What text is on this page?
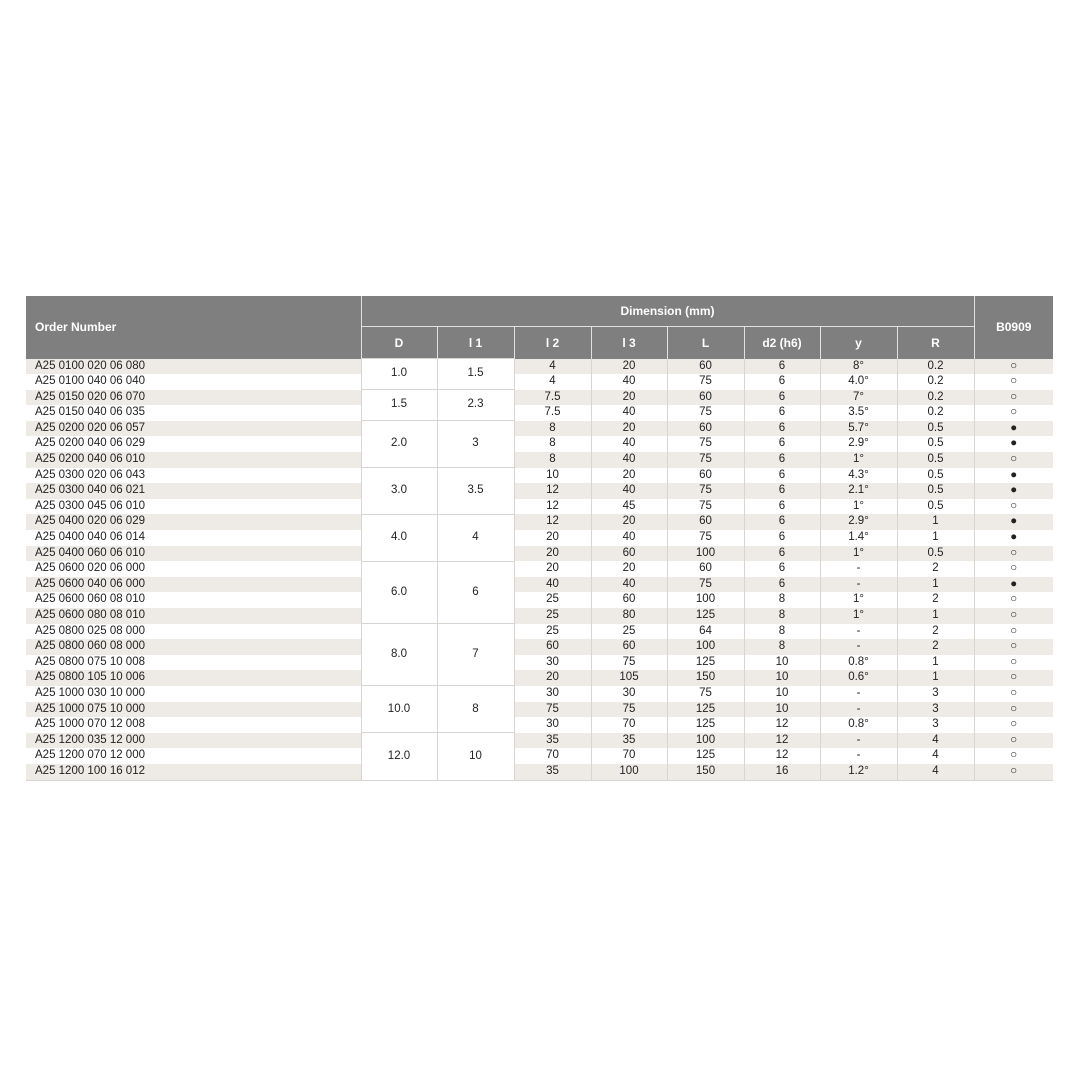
Order Number	Dimension (mm)								B0909
	D	l 1	l 2	l 3	L	d2 (h6)	y	R	
A25 0100 020 06 080	1.0	1.5	4	20	60	6	8°	0.2	○
A25 0100 040 06 040			4	40	75	6	4.0°	0.2	○
A25 0150 020 06 070	1.5	2.3	7.5	20	60	6	7°	0.2	○
A25 0150 040 06 035			7.5	40	75	6	3.5°	0.2	○
A25 0200 020 06 057	2.0	3	8	20	60	6	5.7°	0.5	●
A25 0200 040 06 029			8	40	75	6	2.9°	0.5	●
A25 0200 040 06 010			8	40	75	6	1°	0.5	○
A25 0300 020 06 043	3.0	3.5	10	20	60	6	4.3°	0.5	●
A25 0300 040 06 021			12	40	75	6	2.1°	0.5	●
A25 0300 045 06 010			12	45	75	6	1°	0.5	○
A25 0400 020 06 029	4.0	4	12	20	60	6	2.9°	1	●
A25 0400 040 06 014			20	40	75	6	1.4°	1	●
A25 0400 060 06 010			20	60	100	6	1°	0.5	○
A25 0600 020 06 000	6.0	6	20	20	60	6	-	2	○
A25 0600 040 06 000			40	40	75	6	-	1	●
A25 0600 060 08 010			25	60	100	8	1°	2	○
A25 0600 080 08 010			25	80	125	8	1°	1	○
A25 0800 025 08 000	8.0	7	25	25	64	8	-	2	○
A25 0800 060 08 000			60	60	100	8	-	2	○
A25 0800 075 10 008			30	75	125	10	0.8°	1	○
A25 0800 105 10 006			20	105	150	10	0.6°	1	○
A25 1000 030 10 000	10.0	8	30	30	75	10	-	3	○
A25 1000 075 10 000			75	75	125	10	-	3	○
A25 1000 070 12 008			30	70	125	12	0.8°	3	○
A25 1200 035 12 000	12.0	10	35	35	100	12	-	4	○
A25 1200 070 12 000			70	70	125	12	-	4	○
A25 1200 100 16 012			35	100	150	16	1.2°	4	○
